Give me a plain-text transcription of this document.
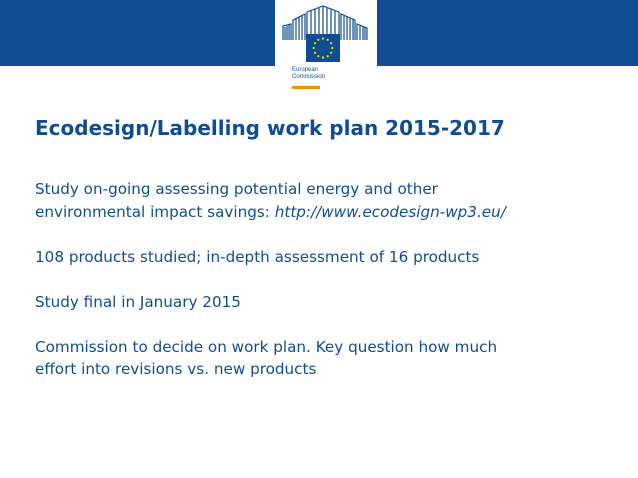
European
Commission
Ecodesign/Labelling work plan 2015-2017

Study on-going assessing potential energy and other
environmental impact savings: http://www.ecodesign-wp3.eu/

108 products studied; in-depth assessment of 16 products

Study final in January 2015

Commission to decide on work plan. Key question how much
effort into revisions vs. new products
